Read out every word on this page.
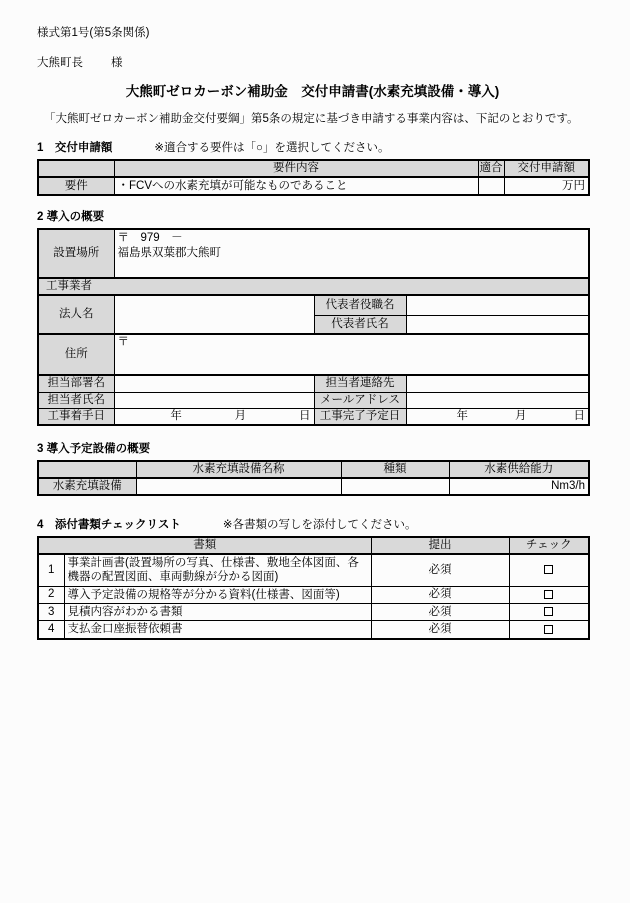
様式第1号(第5条関係)
大熊町長 様
大熊町ゼロカーボン補助金　交付申請書(水素充填設備・導入)
「大熊町ゼロカーボン補助金交付要綱」第5条の規定に基づき申請する事業内容は、下記のとおりです。
1　交付申請額	※適合する要件は「○」を選択してください。
	要件内容	適合	交付申請額
要件	・FCVへの水素充填が可能なものであること		万円
2 導入の概要
設置場所	〒　979　－
福島県双葉郡大熊町		

工事業者			
法人名		代表者役職名	
		代表者氏名	
住所	〒		
担当部署名		担当者連絡先	
担当者氏名		メールアドレス	
工事着手日	年 月 日	工事完了予定日	年 月 日
3 導入予定設備の概要
	水素充填設備名称	種類	水素供給能力
水素充填設備			Nm3/h
4　添付書類チェックリスト	※各書類の写しを添付してください。
書類		提出	チェック
1	事業計画書(設置場所の写真、仕様書、敷地全体図面、各機器の配置図面、車両動線が分かる図面)	必須	
2	導入予定設備の規格等が分かる資料(仕様書、図面等)	必須	
3	見積内容がわかる書類	必須	
4	支払金口座振替依頼書	必須	
